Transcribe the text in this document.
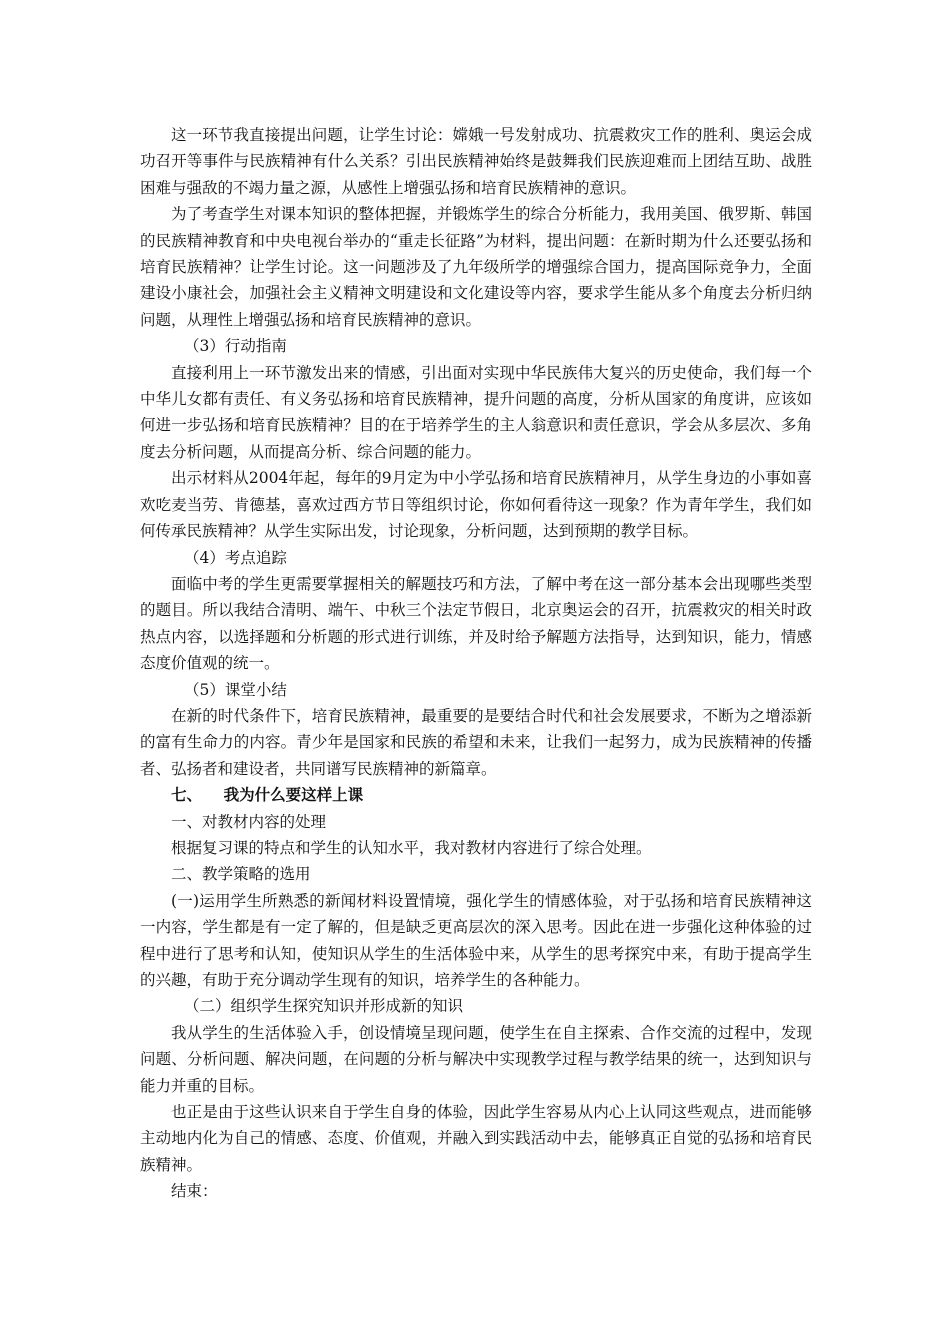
这一环节我直接提出问题，让学生讨论：嫦娥一号发射成功、抗震救灾工作的胜利、奥运会成功召开等事件与民族精神有什么关系？引出民族精神始终是鼓舞我们民族迎难而上团结互助、战胜困难与强敌的不竭力量之源，从感性上增强弘扬和培育民族精神的意识。

为了考查学生对课本知识的整体把握，并锻炼学生的综合分析能力，我用美国、俄罗斯、韩国的民族精神教育和中央电视台举办的“重走长征路”为材料，提出问题：在新时期为什么还要弘扬和培育民族精神？让学生讨论。这一问题涉及了九年级所学的增强综合国力，提高国际竞争力，全面建设小康社会，加强社会主义精神文明建设和文化建设等内容，要求学生能从多个角度去分析归纳问题，从理性上增强弘扬和培育民族精神的意识。

（3）行动指南

直接利用上一环节激发出来的情感，引出面对实现中华民族伟大复兴的历史使命，我们每一个中华儿女都有责任、有义务弘扬和培育民族精神，提升问题的高度，分析从国家的角度讲，应该如何进一步弘扬和培育民族精神？目的在于培养学生的主人翁意识和责任意识，学会从多层次、多角度去分析问题，从而提高分析、综合问题的能力。

出示材料从2004年起，每年的9月定为中小学弘扬和培育民族精神月，从学生身边的小事如喜欢吃麦当劳、肯德基，喜欢过西方节日等组织讨论，你如何看待这一现象？作为青年学生，我们如何传承民族精神？从学生实际出发，讨论现象，分析问题，达到预期的教学目标。

（4）考点追踪

面临中考的学生更需要掌握相关的解题技巧和方法，了解中考在这一部分基本会出现哪些类型的题目。所以我结合清明、端午、中秋三个法定节假日，北京奥运会的召开，抗震救灾的相关时政热点内容，以选择题和分析题的形式进行训练，并及时给予解题方法指导，达到知识，能力，情感态度价值观的统一。

（5）课堂小结

在新的时代条件下，培育民族精神，最重要的是要结合时代和社会发展要求，不断为之增添新的富有生命力的内容。青少年是国家和民族的希望和未来，让我们一起努力，成为民族精神的传播者、弘扬者和建设者，共同谱写民族精神的新篇章。

七、    我为什么要这样上课

一、对教材内容的处理

根据复习课的特点和学生的认知水平，我对教材内容进行了综合处理。

二、教学策略的选用

(一)运用学生所熟悉的新闻材料设置情境，强化学生的情感体验，对于弘扬和培育民族精神这一内容，学生都是有一定了解的，但是缺乏更高层次的深入思考。因此在进一步强化这种体验的过程中进行了思考和认知，使知识从学生的生活体验中来，从学生的思考探究中来，有助于提高学生的兴趣，有助于充分调动学生现有的知识，培养学生的各种能力。

（二）组织学生探究知识并形成新的知识

我从学生的生活体验入手，创设情境呈现问题，使学生在自主探索、合作交流的过程中，发现问题、分析问题、解决问题，在问题的分析与解决中实现教学过程与教学结果的统一，达到知识与能力并重的目标。

也正是由于这些认识来自于学生自身的体验，因此学生容易从内心上认同这些观点，进而能够主动地内化为自己的情感、态度、价值观，并融入到实践活动中去，能够真正自觉的弘扬和培育民族精神。

结束：
